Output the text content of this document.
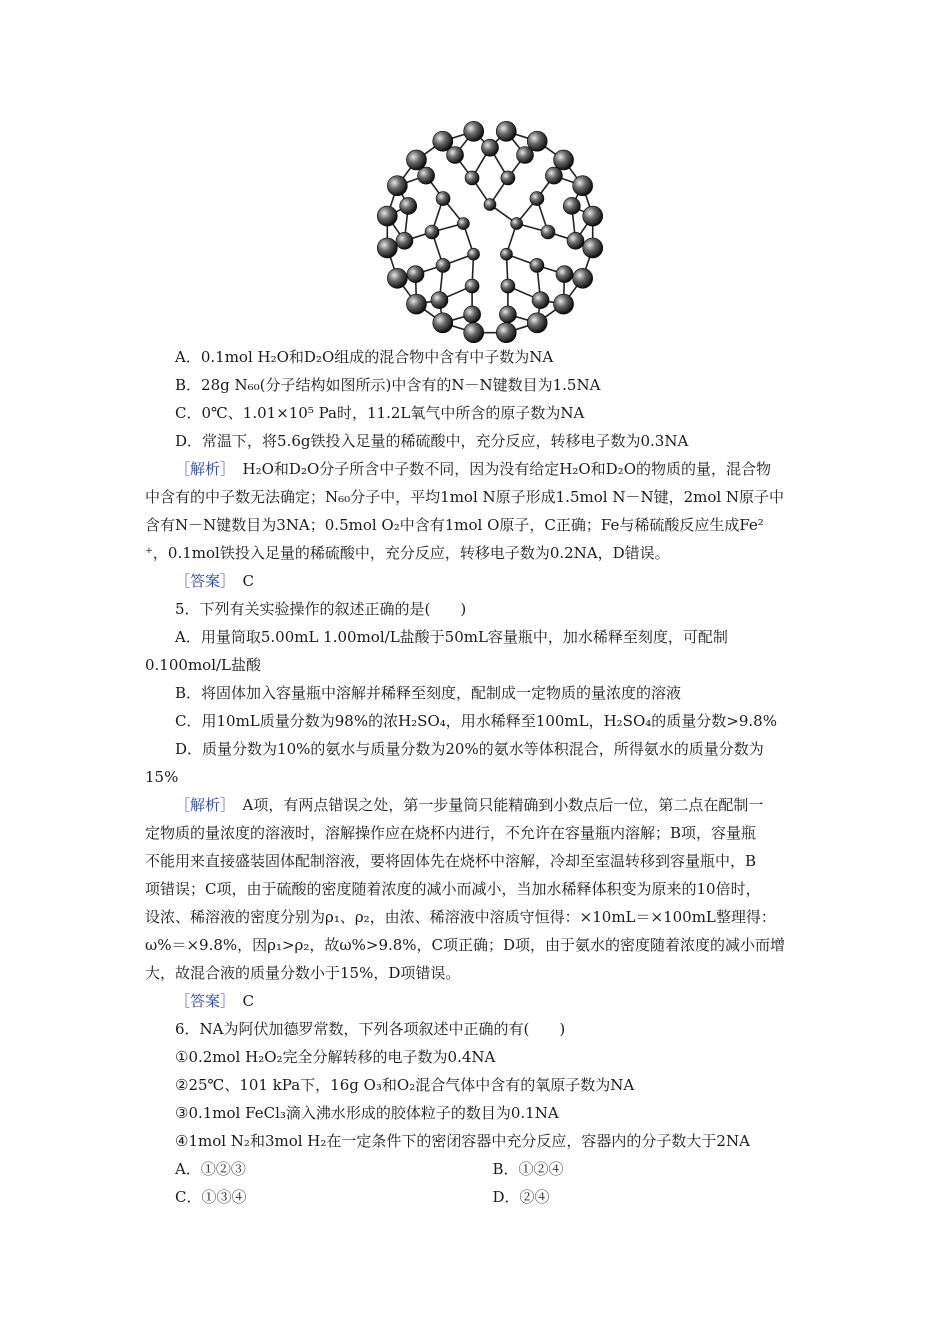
A．0.1mol H₂O和D₂O组成的混合物中含有中子数为NA
B．28g N₆₀(分子结构如图所示)中含有的N－N键数目为1.5NA
C．0℃、1.01×10⁵ Pa时，11.2L氧气中所含的原子数为NA
D．常温下，将5.6g铁投入足量的稀硫酸中，充分反应，转移电子数为0.3NA
［解析］　 H₂O和D₂O分子所含中子数不同，因为没有给定H₂O和D₂O的物质的量，混合物
中含有的中子数无法确定；N₆₀分子中，平均1mol N原子形成1.5mol N－N键，2mol N原子中
含有N－N键数目为3NA；0.5mol O₂中含有1mol O原子，C正确；Fe与稀硫酸反应生成Fe²
⁺，0.1mol铁投入足量的稀硫酸中，充分反应，转移电子数为0.2NA，D错误。
［答案］　 C
5．下列有关实验操作的叙述正确的是(　　)
A．用量筒取5.00mL 1.00mol/L盐酸于50mL容量瓶中，加水稀释至刻度，可配制
0.100mol/L盐酸
B．将固体加入容量瓶中溶解并稀释至刻度，配制成一定物质的量浓度的溶液
C．用10mL质量分数为98%的浓H₂SO₄，用水稀释至100mL，H₂SO₄的质量分数>9.8%
D．质量分数为10%的氨水与质量分数为20%的氨水等体积混合，所得氨水的质量分数为
15%
［解析］　 A项，有两点错误之处，第一步量筒只能精确到小数点后一位，第二点在配制一
定物质的量浓度的溶液时，溶解操作应在烧杯内进行，不允许在容量瓶内溶解；B项，容量瓶
不能用来直接盛装固体配制溶液，要将固体先在烧杯中溶解，冷却至室温转移到容量瓶中，B
项错误；C项，由于硫酸的密度随着浓度的减小而减小，当加水稀释体积变为原来的10倍时，
设浓、稀溶液的密度分别为ρ₁、ρ₂，由浓、稀溶液中溶质守恒得：×10mL＝×100mL整理得：
ω%＝×9.8%，因ρ₁>ρ₂，故ω%>9.8%，C项正确；D项，由于氨水的密度随着浓度的减小而增
大，故混合液的质量分数小于15%，D项错误。
［答案］　 C
6．NA为阿伏加德罗常数，下列各项叙述中正确的有(　　)
①0.2mol H₂O₂完全分解转移的电子数为0.4NA
②25℃、101 kPa下，16g O₃和O₂混合气体中含有的氧原子数为NA
③0.1mol FeCl₃滴入沸水形成的胶体粒子的数目为0.1NA
④1mol N₂和3mol H₂在一定条件下的密闭容器中充分反应，容器内的分子数大于2NA
A．①②③	B．①②④
C．①③④	D．②④
